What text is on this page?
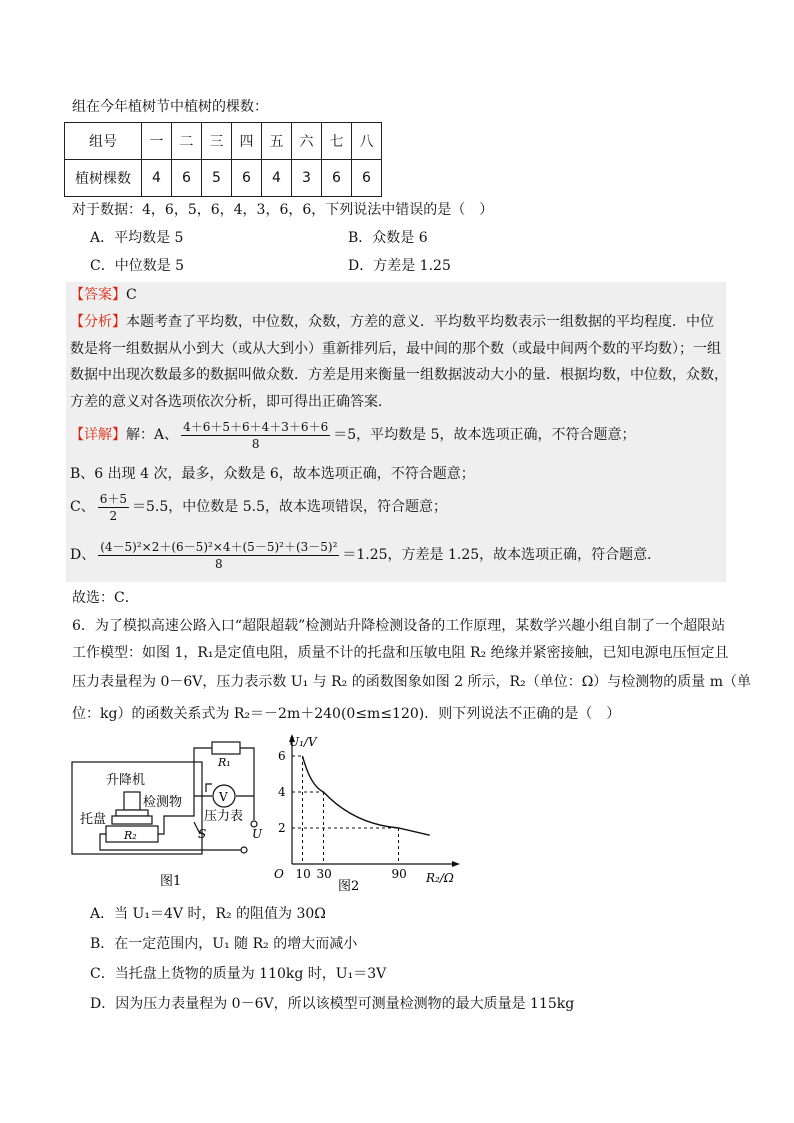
组在今年植树节中植树的棵数：
组号	一	二	三	四	五	六	七	八
植树棵数	4	6	5	6	4	3	6	6
对于数据：4，6，5，6，4，3，6，6，下列说法中错误的是（　）
A．平均数是 5	B．众数是 6
C．中位数是 5	D．方差是 1.25
【答案】C
【分析】本题考查了平均数，中位数，众数，方差的意义．平均数平均数表示一组数据的平均程度．中位
数是将一组数据从小到大（或从大到小）重新排列后，最中间的那个数（或最中间两个数的平均数）；一组
数据中出现次数最多的数据叫做众数．方差是用来衡量一组数据波动大小的量．根据均数，中位数，众数，
方差的意义对各选项依次分析，即可得出正确答案．
【详解】解：A、 $\frac{4+6+5+6+4+3+6+6}{8} =5$，平均数是 5，故本选项正确，不符合题意；
B、6 出现 4 次，最多，众数是 6，故本选项正确，不符合题意；
C、 $\frac{6+5}{2} =5.5$，中位数是 5.5，故本选项错误，符合题意；
D、 $\frac{\text{(4－5)²×2＋(6－5)²×4＋(5－5)²＋(3－5)²}}{8} =1.25$，方差是 1.25，故本选项正确，符合题意．
故选：C．
6．为了模拟高速公路入口“超限超载”检测站升降检测设备的工作原理，某数学兴趣小组自制了一个超限站
工作模型：如图 1，R₁是定值电阻，质量不计的托盘和压敏电阻 R₂ 绝缘并紧密接触，已知电源电压恒定且
压力表量程为 0－6V，压力表示数 U₁ 与 R₂ 的函数图象如图 2 所示，R₂（单位：Ω）与检测物的质量 m（单
位：kg）的函数关系式为 R₂＝－2m＋240(0≤m≤120)．则下列说法不正确的是（　）
升降机
检测物
托盘
R₂
R₁
V
压力表
S	U
图1
U₁/V
R₂/Ω
O
6
10
4
30
2
90
图2
A．当 U₁＝4V 时，R₂ 的阻值为 30Ω
B．在一定范围内，U₁ 随 R₂ 的增大而减小
C．当托盘上货物的质量为 110kg 时，U₁＝3V
D．因为压力表量程为 0－6V，所以该模型可测量检测物的最大质量是 115kg
